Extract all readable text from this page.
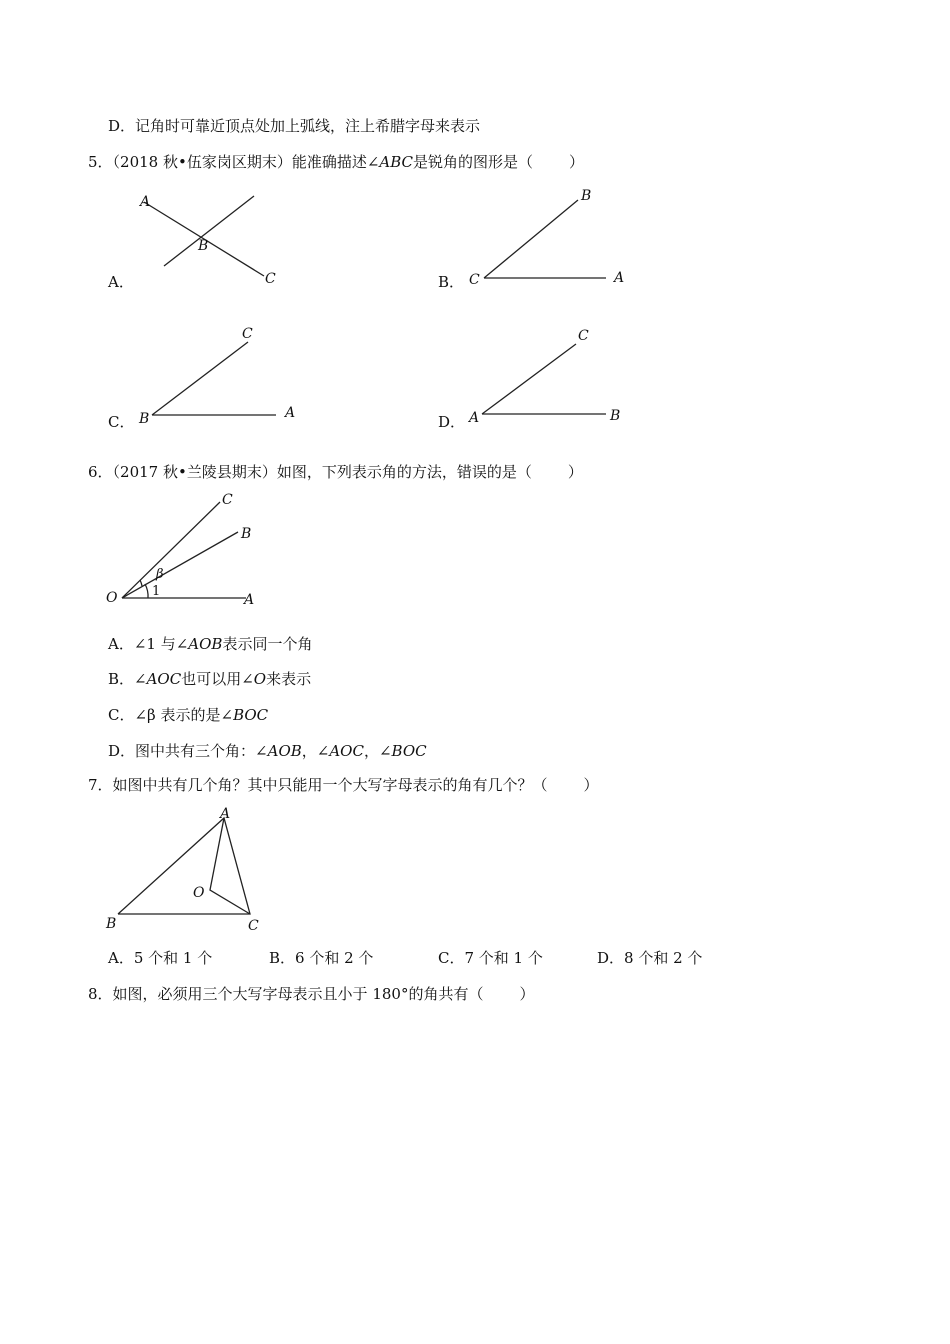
D．记角时可靠近顶点处加上弧线，注上希腊字母来表示
5．（2018 秋•伍家岗区期末）能准确描述∠ABC是锐角的图形是（ ）
A．
A
B
C	B．
B
C	A
C．
C
B	A	D．
C
A	B
6．（2017 秋•兰陵县期末）如图，下列表示角的方法，错误的是（ ）
C
B
A
O
β
1
A．∠1 与∠AOB表示同一个角
B．∠AOC也可以用∠O来表示
C．∠β 表示的是∠BOC
D．图中共有三个角：∠AOB，∠AOC，∠BOC
7．如图中共有几个角？其中只能用一个大写字母表示的角有几个？（ ）
A
B	C
O
A．5 个和 1 个	B．6 个和 2 个	C．7 个和 1 个	D．8 个和 2 个
8．如图，必须用三个大写字母表示且小于 180°的角共有（ ）
